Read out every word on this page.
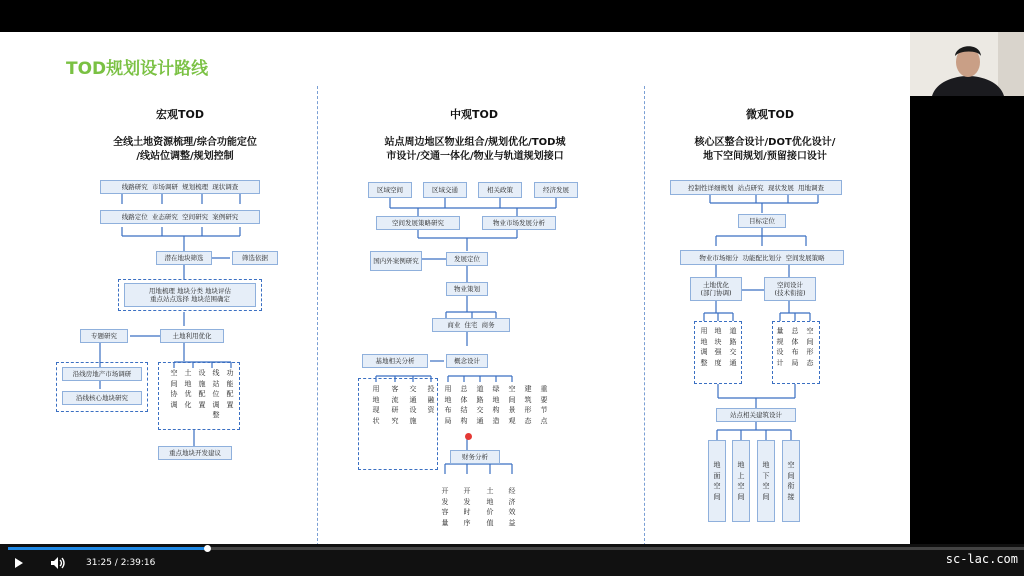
TOD规划设计路线
宏观TOD
全线土地资源梳理/综合功能定位
/线站位调整/规划控制
线路研究
市场调研
规划梳理
现状调查
线路定位
业态研究
空间研究
案例研究
潜在地块筛选	筛选依据
用地梳理 地块分类 地块评估
重点站点选择 地块范围确定
专题研究	土地利用优化
沿线房地产市场调研
沿线核心地块研究
空间协调
土地优化
设施配置
线站位调整
功能配置
重点地块开发建议
中观TOD
站点周边地区物业组合/规划优化/TOD城
市设计/交通一体化/物业与轨道规划接口
区域空间	区域交通	相关政策	经济发展
空间发展策略研究	物业市场发展分析
国内外案例研究	发展定位
物业策划
商业
住宅
商务
基地相关分析	概念设计
用地现状
客流研究
交通设施
投融资
用地布局
总体结构
道路交通
绿地构造
空间景观
建筑形态
重要节点
财务分析
开发容量
开发时序
土地价值
经济效益
微观TOD
核心区整合设计/DOT优化设计/
地下空间规划/预留接口设计
控制性详细规划
站点研究
现状发展
用地调查
目标定位
物业市场细分
功能配比划分
空间发展策略
土地优化
(部门协调)
空间设计
(技术衔接)
用地调整
地块强度
道路交通
量规设计
总体布局
空间形态
站点相关建筑设计
地面空间
地上空间
地下空间
空间衔接
31:25 / 2:39:16	sc-lac.com
